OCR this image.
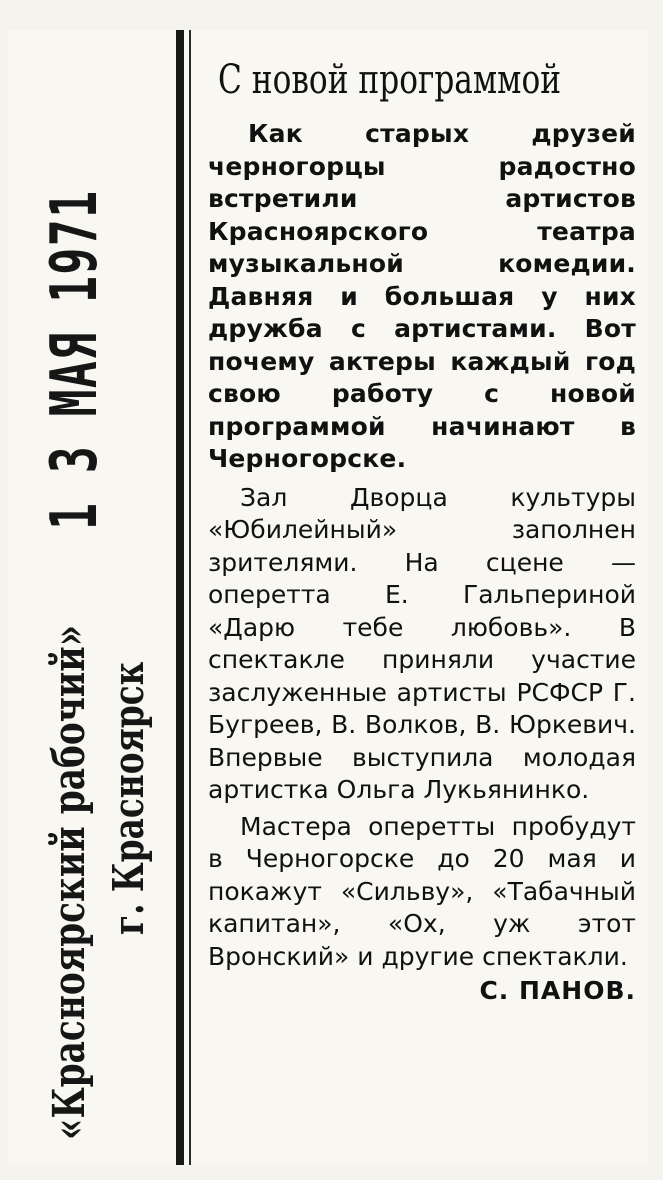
1 3 МАЯ 1971
«Красноярский рабочий» г. Красноярск
С новой программой

Как старых друзей черногорцы радостно встретили артистов Красноярского театра музыкальной комедии. Давняя и большая у них дружба с артистами. Вот почему актеры каждый год свою работу с новой программой начинают в Черногорске.

Зал Дворца культуры «Юбилейный» заполнен зрителями. На сцене — оперетта Е. Гальпериной «Дарю тебе любовь». В спектакле приняли участие заслуженные артисты РСФСР Г. Бугреев, В. Волков, В. Юркевич. Впервые выступила молодая артистка Ольга Лукьянинко.

Мастера оперетты пробудут в Черногорске до 20 мая и покажут «Сильву», «Табачный капитан», «Ох, уж этот Вронский» и другие спектакли.

С. ПАНОВ.
